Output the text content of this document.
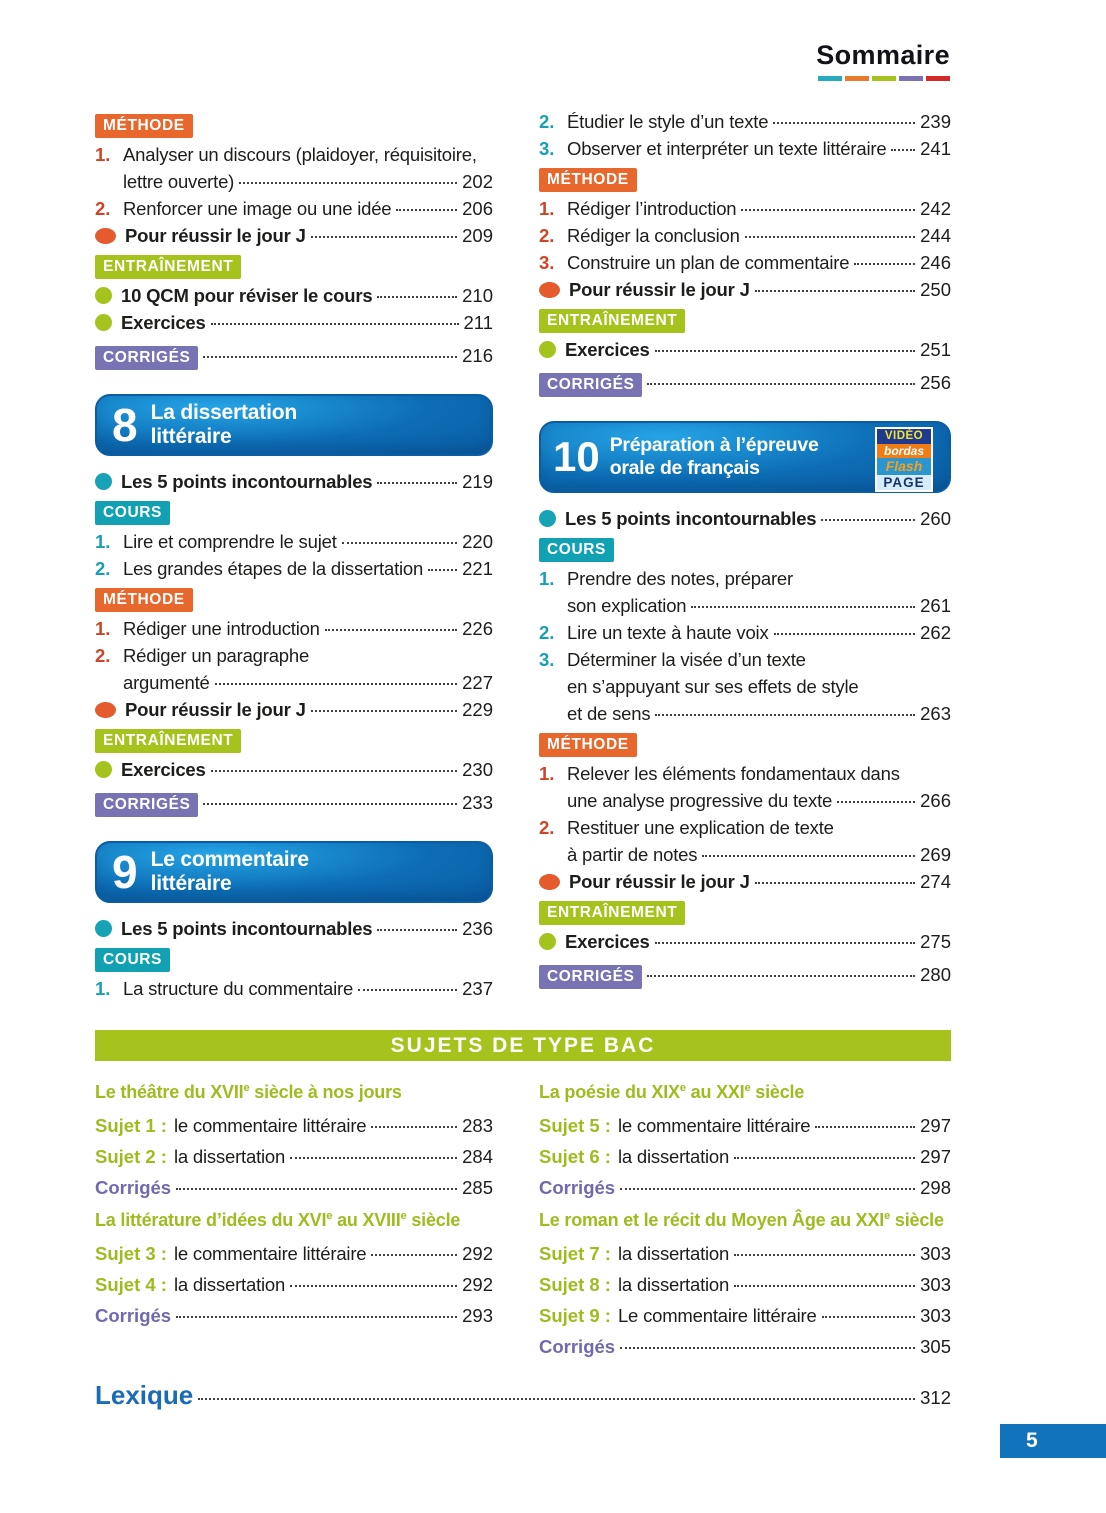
Sommaire
MÉTHODE
1. Analyser un discours (plaidoyer, réquisitoire,
lettre ouverte)	202
2. Renforcer une image ou une idée	206
Pour réussir le jour J	209
ENTRAÎNEMENT
10 QCM pour réviser le cours	210
Exercices	211
CORRIGÉS	216
8 La dissertation
littéraire
Les 5 points incontournables	219
COURS
1. Lire et comprendre le sujet	220
2. Les grandes étapes de la dissertation 221
MÉTHODE
1. Rédiger une introduction	226
2. Rédiger un paragraphe
argumenté	227
Pour réussir le jour J	229
ENTRAÎNEMENT
Exercices	230
CORRIGÉS	233
9 Le commentaire
littéraire
Les 5 points incontournables	236
COURS
1. La structure du commentaire	237
2. Étudier le style d’un texte	239
3. Observer et interpréter un texte littéraire 241
MÉTHODE
1. Rédiger l’introduction	242
2. Rédiger la conclusion	244
3. Construire un plan de commentaire	246
Pour réussir le jour J	250
ENTRAÎNEMENT
Exercices	251
CORRIGÉS	256
10 Préparation à l’épreuve
orale de français
VIDÉO
bordas
Flash
PAGE
Les 5 points incontournables	260
COURS
1. Prendre des notes, préparer
son explication	261
2. Lire un texte à haute voix	262
3. Déterminer la visée d’un texte
en s’appuyant sur ses effets de style
et de sens	263
MÉTHODE
1. Relever les éléments fondamentaux dans
une analyse progressive du texte	266
2. Restituer une explication de texte
à partir de notes	269
Pour réussir le jour J	274
ENTRAÎNEMENT
Exercices	275
CORRIGÉS	280
SUJETS DE TYPE BAC
Le théâtre du XVIIe siècle à nos jours
Sujet 1 : le commentaire littéraire	283
Sujet 2 : la dissertation	284
Corrigés	285
La littérature d’idées du XVIe au XVIIIe siècle
Sujet 3 : le commentaire littéraire	292
Sujet 4 : la dissertation	292
Corrigés	293
La poésie du XIXe au XXIe siècle
Sujet 5 : le commentaire littéraire	297
Sujet 6 : la dissertation	297
Corrigés	298
Le roman et le récit du Moyen Âge au XXIe siècle
Sujet 7 : la dissertation	303
Sujet 8 : la dissertation	303
Sujet 9 : Le commentaire littéraire	303
Corrigés	305
Lexique	312
5
